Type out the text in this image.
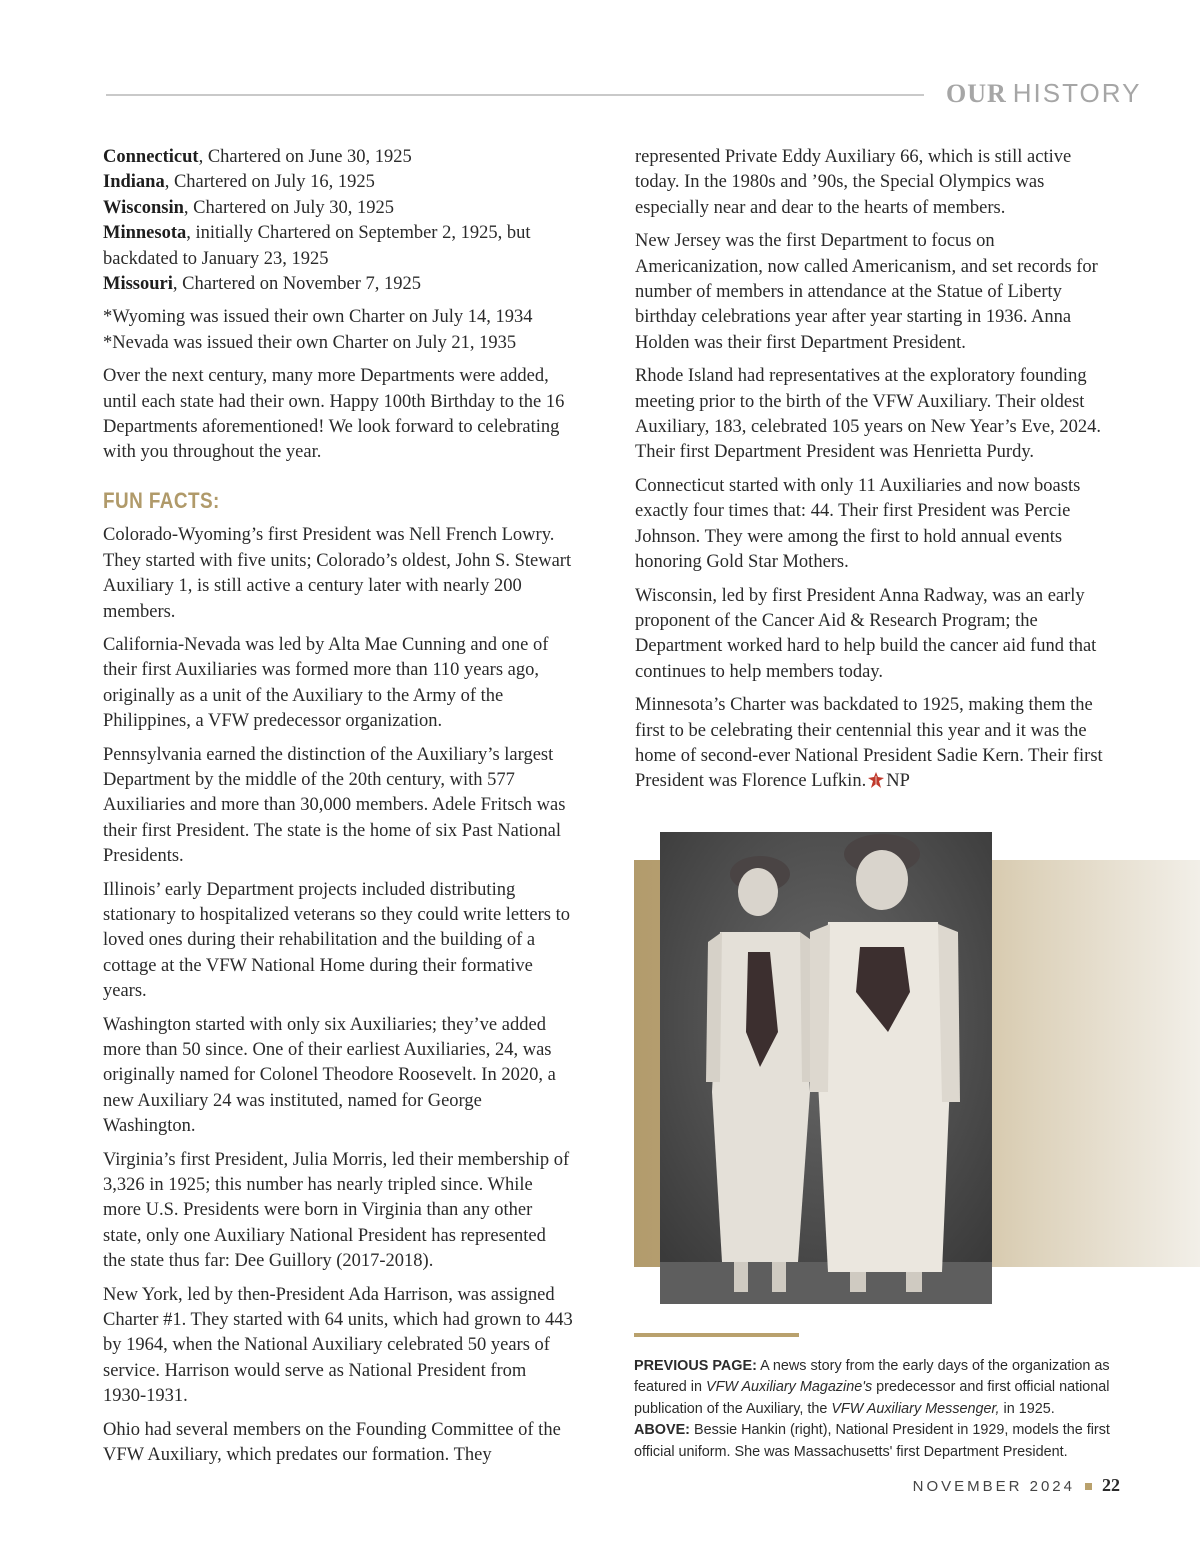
OUR HISTORY
Connecticut, Chartered on June 30, 1925
Indiana, Chartered on July 16, 1925
Wisconsin, Chartered on July 30, 1925
Minnesota, initially Chartered on September 2, 1925, but backdated to January 23, 1925
Missouri, Chartered on November 7, 1925

*Wyoming was issued their own Charter on July 14, 1934
*Nevada was issued their own Charter on July 21, 1935

Over the next century, many more Departments were added, until each state had their own. Happy 100th Birthday to the 16 Departments aforementioned! We look forward to celebrating with you throughout the year.

FUN FACTS:

Colorado-Wyoming’s first President was Nell French Lowry. They started with five units; Colorado’s oldest, John S. Stewart Auxiliary 1, is still active a century later with nearly 200 members.

California-Nevada was led by Alta Mae Cunning and one of their first Auxiliaries was formed more than 110 years ago, originally as a unit of the Auxiliary to the Army of the Philippines, a VFW predecessor organization.

Pennsylvania earned the distinction of the Auxiliary’s largest Department by the middle of the 20th century, with 577 Auxiliaries and more than 30,000 members. Adele Fritsch was their first President. The state is the home of six Past National Presidents.

Illinois’ early Department projects included distributing stationary to hospitalized veterans so they could write letters to loved ones during their rehabilitation and the building of a cottage at the VFW National Home during their formative years.

Washington started with only six Auxiliaries; they’ve added more than 50 since. One of their earliest Auxiliaries, 24, was originally named for Colonel Theodore Roosevelt. In 2020, a new Auxiliary 24 was instituted, named for George Washington.

Virginia’s first President, Julia Morris, led their membership of 3,326 in 1925; this number has nearly tripled since. While more U.S. Presidents were born in Virginia than any other state, only one Auxiliary National President has represented the state thus far: Dee Guillory (2017-2018).

New York, led by then-President Ada Harrison, was assigned Charter #1. They started with 64 units, which had grown to 443 by 1964, when the National Auxiliary celebrated 50 years of service. Harrison would serve as National President from 1930-1931.

Ohio had several members on the Founding Committee of the VFW Auxiliary, which predates our formation. They

represented Private Eddy Auxiliary 66, which is still active today. In the 1980s and ’90s, the Special Olympics was especially near and dear to the hearts of members.

New Jersey was the first Department to focus on Americanization, now called Americanism, and set records for number of members in attendance at the Statue of Liberty birthday celebrations year after year starting in 1936. Anna Holden was their first Department President.

Rhode Island had representatives at the exploratory founding meeting prior to the birth of the VFW Auxiliary. Their oldest Auxiliary, 183, celebrated 105 years on New Year’s Eve, 2024. Their first Department President was Henrietta Purdy.

Connecticut started with only 11 Auxiliaries and now boasts exactly four times that: 44. Their first President was Percie Johnson. They were among the first to hold annual events honoring Gold Star Mothers.

Wisconsin, led by first President Anna Radway, was an early proponent of the Cancer Aid & Research Program; the Department worked hard to help build the cancer aid fund that continues to help members today.

Minnesota’s Charter was backdated to 1925, making them the first to be celebrating their centennial this year and it was the home of second-ever National President Sadie Kern. Their first President was Florence Lufkin. NP

PREVIOUS PAGE: A news story from the early days of the organization as featured in VFW Auxiliary Magazine's predecessor and first official national publication of the Auxiliary, the VFW Auxiliary Messenger, in 1925.
ABOVE: Bessie Hankin (right), National President in 1929, models the first official uniform. She was Massachusetts' first Department President.
NOVEMBER 2024 22
